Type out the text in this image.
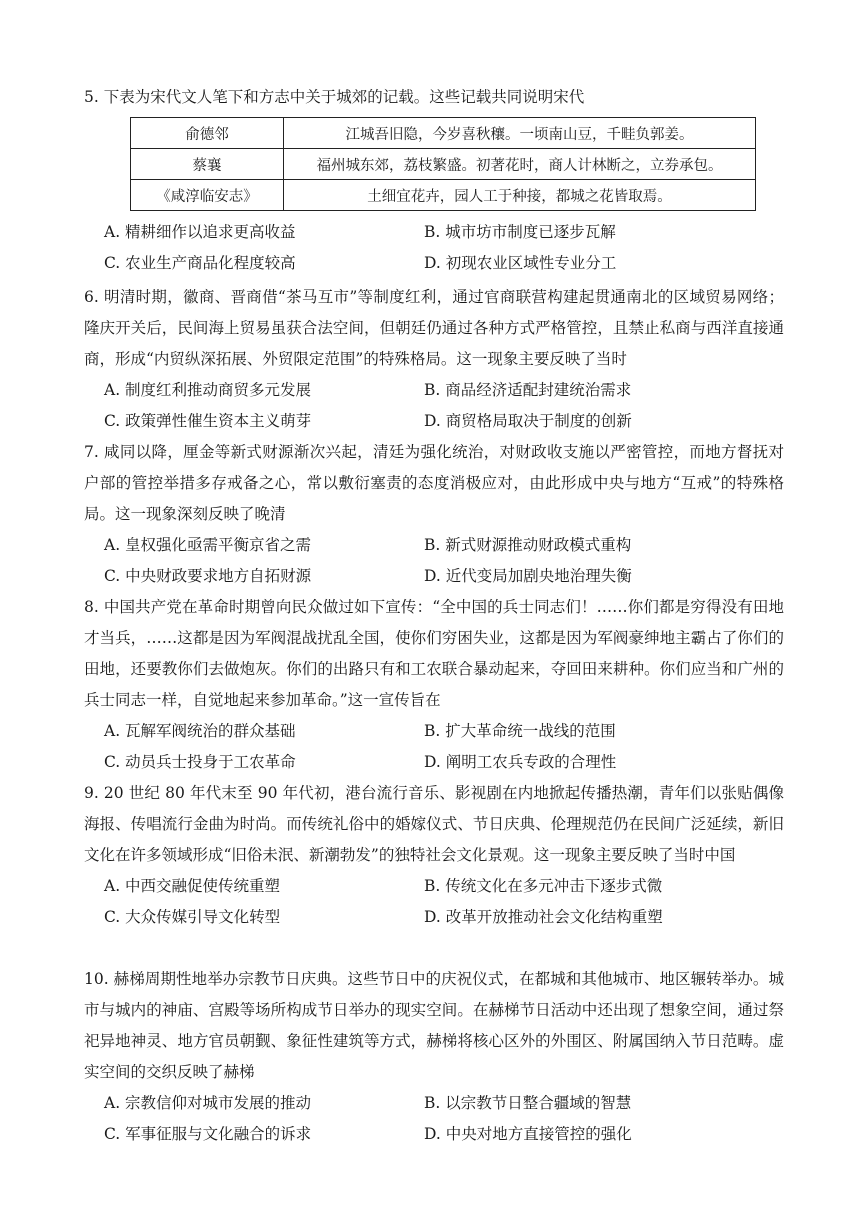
5. 下表为宋代文人笔下和方志中关于城郊的记载。这些记载共同说明宋代
俞德邻	江城吾旧隐，今岁喜秋穰。一顷南山豆，千畦负郭姜。
蔡襄	福州城东郊，荔枝繁盛。初著花时，商人计林断之，立券承包。
《咸淳临安志》	土细宜花卉，园人工于种接，都城之花皆取焉。
A. 精耕细作以追求更高收益	B. 城市坊市制度已逐步瓦解
C. 农业生产商品化程度较高	D. 初现农业区域性专业分工
6. 明清时期，徽商、晋商借“茶马互市”等制度红利，通过官商联营构建起贯通南北的区域贸易网络；隆庆开关后，民间海上贸易虽获合法空间，但朝廷仍通过各种方式严格管控，且禁止私商与西洋直接通商，形成“内贸纵深拓展、外贸限定范围”的特殊格局。这一现象主要反映了当时
A. 制度红利推动商贸多元发展	B. 商品经济适配封建统治需求
C. 政策弹性催生资本主义萌芽	D. 商贸格局取决于制度的创新
7. 咸同以降，厘金等新式财源渐次兴起，清廷为强化统治，对财政收支施以严密管控，而地方督抚对户部的管控举措多存戒备之心，常以敷衍塞责的态度消极应对，由此形成中央与地方“互戒”的特殊格局。这一现象深刻反映了晚清
A. 皇权强化亟需平衡京省之需	B. 新式财源推动财政模式重构
C. 中央财政要求地方自拓财源	D. 近代变局加剧央地治理失衡
8. 中国共产党在革命时期曾向民众做过如下宣传：“全中国的兵士同志们！……你们都是穷得没有田地才当兵，……这都是因为军阀混战扰乱全国，使你们穷困失业，这都是因为军阀豪绅地主霸占了你们的田地，还要教你们去做炮灰。你们的出路只有和工农联合暴动起来，夺回田来耕种。你们应当和广州的兵士同志一样，自觉地起来参加革命。”这一宣传旨在
A. 瓦解军阀统治的群众基础	B. 扩大革命统一战线的范围
C. 动员兵士投身于工农革命	D. 阐明工农兵专政的合理性
9. 20 世纪 80 年代末至 90 年代初，港台流行音乐、影视剧在内地掀起传播热潮，青年们以张贴偶像海报、传唱流行金曲为时尚。而传统礼俗中的婚嫁仪式、节日庆典、伦理规范仍在民间广泛延续，新旧文化在许多领域形成“旧俗未泯、新潮勃发”的独特社会文化景观。这一现象主要反映了当时中国
A. 中西交融促使传统重塑	B. 传统文化在多元冲击下逐步式微
C. 大众传媒引导文化转型	D. 改革开放推动社会文化结构重塑
10. 赫梯周期性地举办宗教节日庆典。这些节日中的庆祝仪式，在都城和其他城市、地区辗转举办。城市与城内的神庙、宫殿等场所构成节日举办的现实空间。在赫梯节日活动中还出现了想象空间，通过祭祀异地神灵、地方官员朝觐、象征性建筑等方式，赫梯将核心区外的外围区、附属国纳入节日范畴。虚实空间的交织反映了赫梯
A. 宗教信仰对城市发展的推动	B. 以宗教节日整合疆域的智慧
C. 军事征服与文化融合的诉求	D. 中央对地方直接管控的强化
